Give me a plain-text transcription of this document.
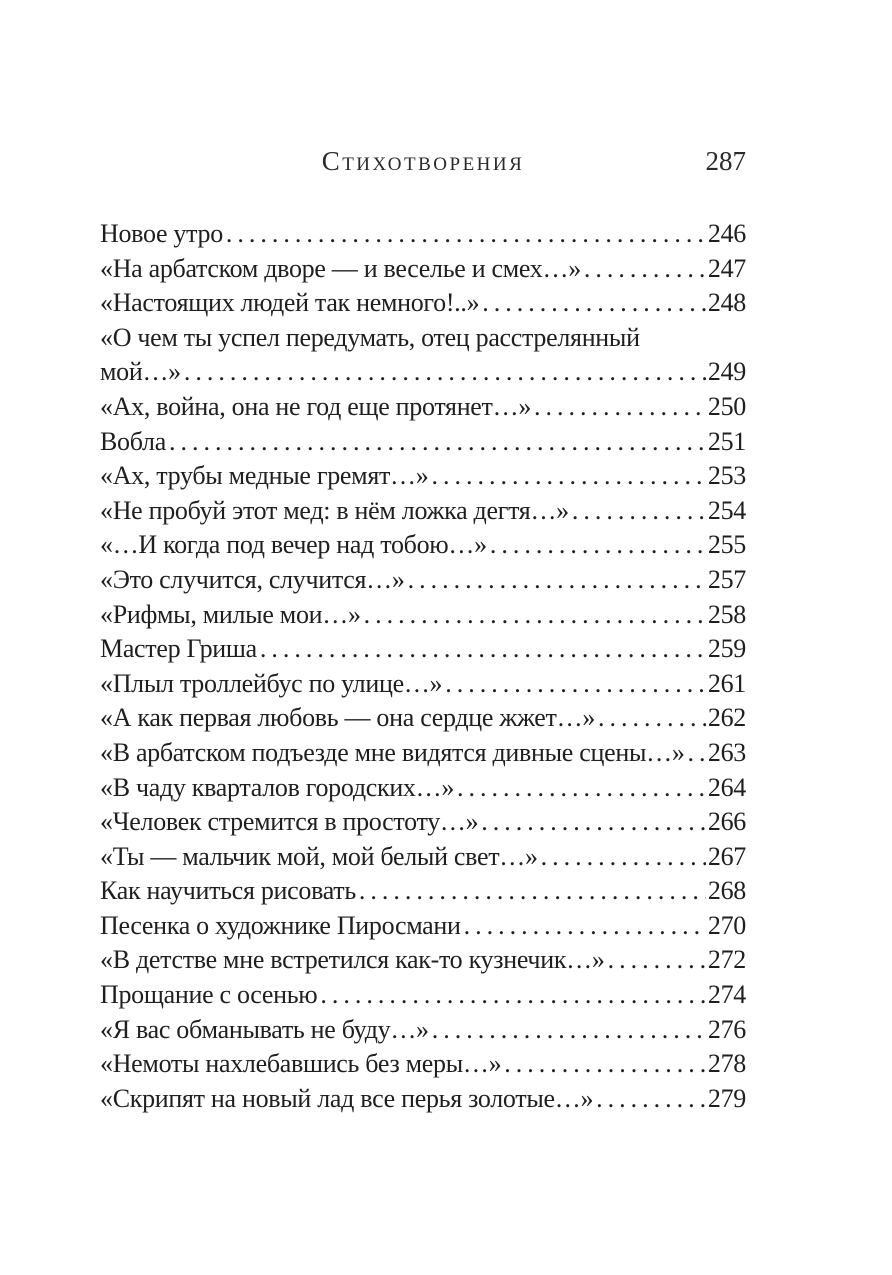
Стихотворения	287
Новое утро .....	246
«На арбатском дворе — и веселье и смех…» .....	247
«Настоящих людей так немного!..» .....	248
«О чем ты успел передумать, отец расстрелянный
мой…» .....	249
«Ах, война, она не год еще протянет…» .....	250
Вобла .....	251
«Ах, трубы медные гремят…» .....	253
«Не пробуй этот мед: в нём ложка дегтя…» .....	254
«…И когда под вечер над тобою…» .....	255
«Это случится, случится…» .....	257
«Рифмы, милые мои…» .....	258
Мастер Гриша .....	259
«Плыл троллейбус по улице…» .....	261
«А как первая любовь — она сердце жжет…» .....	262
«В арбатском подъезде мне видятся дивные сцены…» ..... 263
«В чаду кварталов городских…» .....	264
«Человек стремится в простоту…» .....	266
«Ты — мальчик мой, мой белый свет…» .....	267
Как научиться рисовать .....	268
Песенка о художнике Пиросмани .....	270
«В детстве мне встретился как-то кузнечик…» .....	272
Прощание с осенью .....	274
«Я вас обманывать не буду…» .....	276
«Немоты нахлебавшись без меры…» .....	278
«Скрипят на новый лад все перья золотые…» .....	279
